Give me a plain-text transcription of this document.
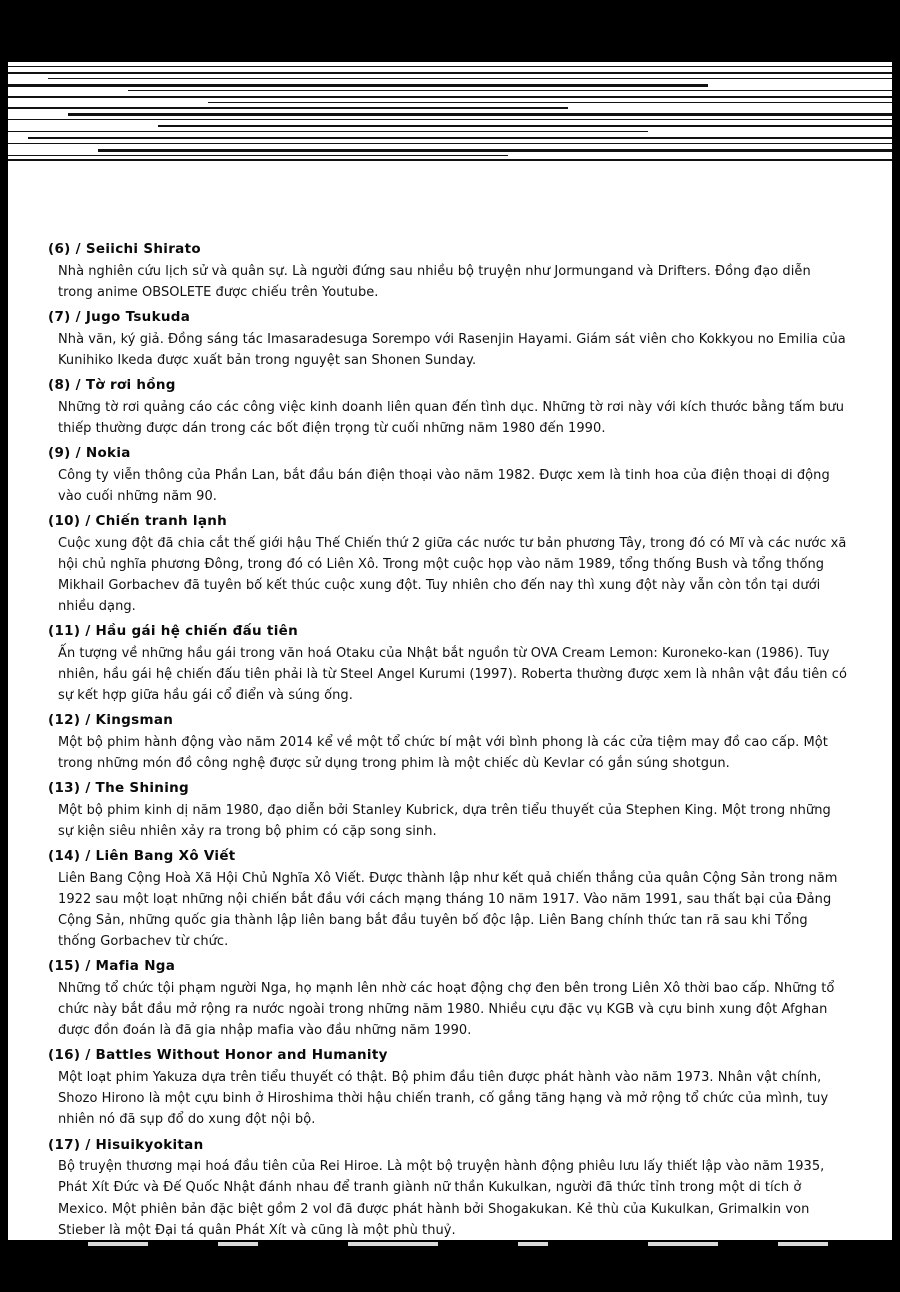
(6) / Seiichi Shirato
Nhà nghiên cứu lịch sử và quân sự. Là người đứng sau nhiều bộ truyện như Jormungand và Drifters. Đồng đạo diễn trong anime OBSOLETE được chiếu trên Youtube.
(7) / Jugo Tsukuda
Nhà văn, ký giả. Đồng sáng tác Imasaradesuga Sorempo với Rasenjin Hayami. Giám sát viên cho Kokkyou no Emilia của Kunihiko Ikeda được xuất bản trong nguyệt san Shonen Sunday.
(8) / Tờ rơi hồng
Những tờ rơi quảng cáo các công việc kinh doanh liên quan đến tình dục. Những tờ rơi này với kích thước bằng tấm bưu thiếp thường được dán trong các bốt điện trọng từ cuối những năm 1980 đến 1990.
(9) / Nokia
Công ty viễn thông của Phần Lan, bắt đầu bán điện thoại vào năm 1982. Được xem là tinh hoa của điện thoại di động vào cuối những năm 90.
(10) / Chiến tranh lạnh
Cuộc xung đột đã chia cắt thế giới hậu Thế Chiến thứ 2 giữa các nước tư bản phương Tây, trong đó có Mĩ và các nước xã hội chủ nghĩa phương Đông, trong đó có Liên Xô. Trong một cuộc họp vào năm 1989, tổng thống Bush và tổng thống Mikhail Gorbachev đã tuyên bố kết thúc cuộc xung đột. Tuy nhiên cho đến nay thì xung đột này vẫn còn tồn tại dưới nhiều dạng.
(11) / Hầu gái hệ chiến đấu tiên
Ấn tượng về những hầu gái trong văn hoá Otaku của Nhật bắt nguồn từ OVA Cream Lemon: Kuroneko-kan (1986). Tuy nhiên, hầu gái hệ chiến đấu tiên phải là từ Steel Angel Kurumi (1997). Roberta thường được xem là nhân vật đầu tiên có sự kết hợp giữa hầu gái cổ điển và súng ống.
(12) / Kingsman
Một bộ phim hành động vào năm 2014 kể về một tổ chức bí mật với bình phong là các cửa tiệm may đồ cao cấp. Một trong những món đồ công nghệ được sử dụng trong phim là một chiếc dù Kevlar có gắn súng shotgun.
(13) / The Shining
Một bộ phim kinh dị năm 1980, đạo diễn bởi Stanley Kubrick, dựa trên tiểu thuyết của Stephen King. Một trong những sự kiện siêu nhiên xảy ra trong bộ phim có cặp song sinh.
(14) / Liên Bang Xô Viết
Liên Bang Cộng Hoà Xã Hội Chủ Nghĩa Xô Viết. Được thành lập như kết quả chiến thắng của quân Cộng Sản trong năm 1922 sau một loạt những nội chiến bắt đầu với cách mạng tháng 10 năm 1917. Vào năm 1991, sau thất bại của Đảng Cộng Sản, những quốc gia thành lập liên bang bắt đầu tuyên bố độc lập. Liên Bang chính thức tan rã sau khi Tổng thống Gorbachev từ chức.
(15) / Mafia Nga
Những tổ chức tội phạm người Nga, họ mạnh lên nhờ các hoạt động chợ đen bên trong Liên Xô thời bao cấp. Những tổ chức này bắt đầu mở rộng ra nước ngoài trong những năm 1980. Nhiều cựu đặc vụ KGB và cựu binh xung đột Afghan được đồn đoán là đã gia nhập mafia vào đầu những năm 1990.
(16) / Battles Without Honor and Humanity
Một loạt phim Yakuza dựa trên tiểu thuyết có thật. Bộ phim đầu tiên được phát hành vào năm 1973. Nhân vật chính, Shozo Hirono là một cựu binh ở Hiroshima thời hậu chiến tranh, cố gắng tăng hạng và mở rộng tổ chức của mình, tuy nhiên nó đã sụp đổ do xung đột nội bộ.
(17) / Hisuikyokitan
Bộ truyện thương mại hoá đầu tiên của Rei Hiroe. Là một bộ truyện hành động phiêu lưu lấy thiết lập vào năm 1935, Phát Xít Đức và Đế Quốc Nhật đánh nhau để tranh giành nữ thần Kukulkan, người đã thức tỉnh trong một di tích ở Mexico. Một phiên bản đặc biệt gồm 2 vol đã được phát hành bởi Shogakukan. Kẻ thù của Kukulkan, Grimalkin von Stieber là một Đại tá quân Phát Xít và cũng là một phù thuỷ.
